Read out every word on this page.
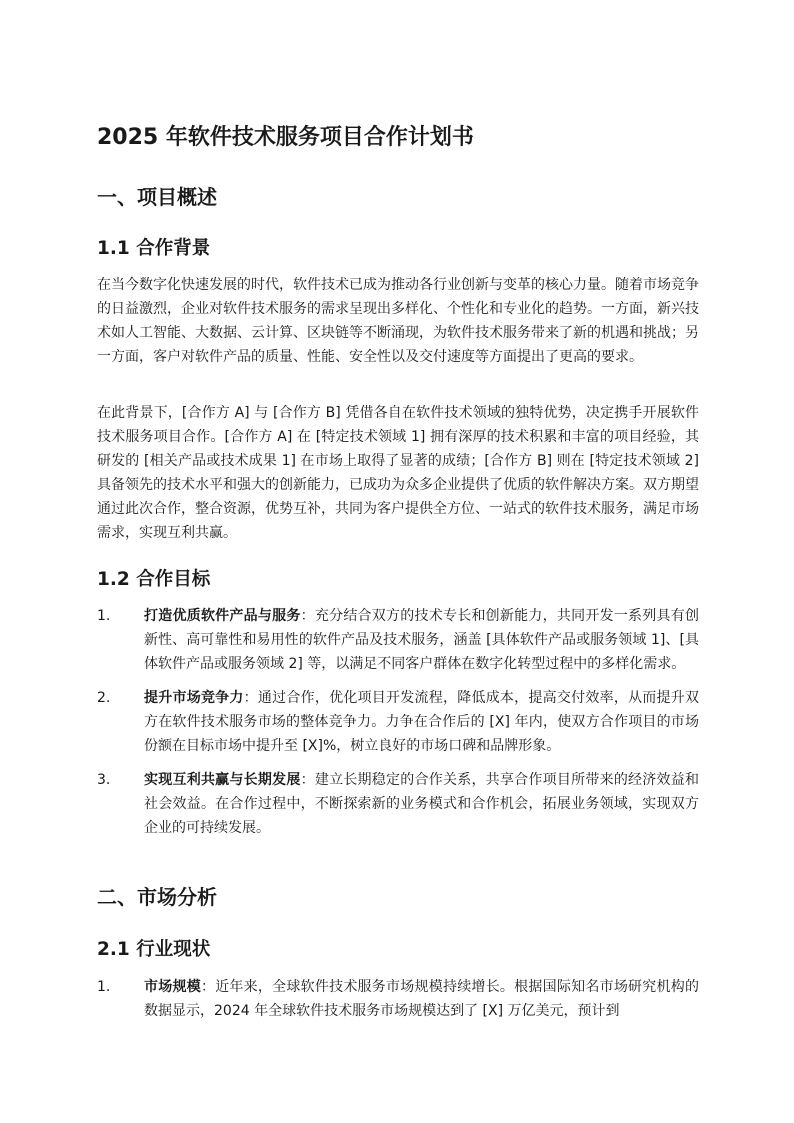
2025 年软件技术服务项目合作计划书
一、项目概述
1.1 合作背景

在当今数字化快速发展的时代，软件技术已成为推动各行业创新与变革的核心力量。随着市场竞争的日益激烈，企业对软件技术服务的需求呈现出多样化、个性化和专业化的趋势。一方面，新兴技术如人工智能、大数据、云计算、区块链等不断涌现，为软件技术服务带来了新的机遇和挑战；另一方面，客户对软件产品的质量、性能、安全性以及交付速度等方面提出了更高的要求。

在此背景下，[合作方 A] 与 [合作方 B] 凭借各自在软件技术领域的独特优势，决定携手开展软件技术服务项目合作。[合作方 A] 在 [特定技术领域 1] 拥有深厚的技术积累和丰富的项目经验，其研发的 [相关产品或技术成果 1] 在市场上取得了显著的成绩；[合作方 B] 则在 [特定技术领域 2] 具备领先的技术水平和强大的创新能力，已成功为众多企业提供了优质的软件解决方案。双方期望通过此次合作，整合资源，优势互补，共同为客户提供全方位、一站式的软件技术服务，满足市场需求，实现互利共赢。

1.2 合作目标
1. 打造优质软件产品与服务：充分结合双方的技术专长和创新能力，共同开发一系列具有创新性、高可靠性和易用性的软件产品及技术服务，涵盖 [具体软件产品或服务领域 1]、[具体软件产品或服务领域 2] 等，以满足不同客户群体在数字化转型过程中的多样化需求。
2. 提升市场竞争力：通过合作，优化项目开发流程，降低成本，提高交付效率，从而提升双方在软件技术服务市场的整体竞争力。力争在合作后的 [X] 年内，使双方合作项目的市场份额在目标市场中提升至 [X]%，树立良好的市场口碑和品牌形象。
3. 实现互利共赢与长期发展：建立长期稳定的合作关系，共享合作项目所带来的经济效益和社会效益。在合作过程中，不断探索新的业务模式和合作机会，拓展业务领域，实现双方企业的可持续发展。
二、市场分析
2.1 行业现状
1. 市场规模：近年来，全球软件技术服务市场规模持续增长。根据国际知名市场研究机构的数据显示，2024 年全球软件技术服务市场规模达到了 [X] 万亿美元，预计到
